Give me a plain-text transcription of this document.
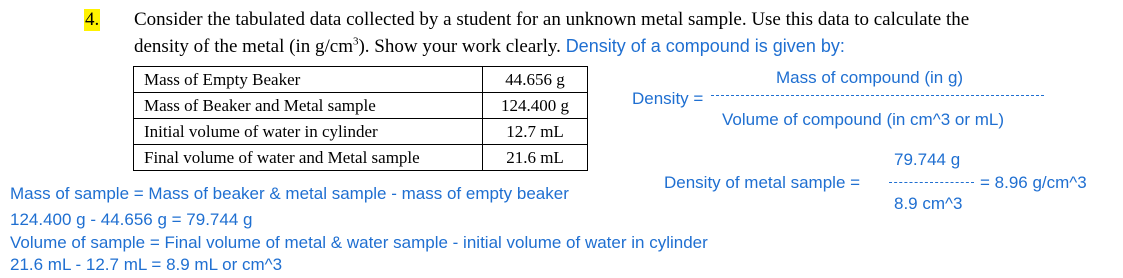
4. Consider the tabulated data collected by a student for an unknown metal sample. Use this data to calculate the
density of the metal (in $g/cm^3$). Show your work clearly. Density of a compound is given by:
Mass of Empty Beaker	44.656 g
Mass of Beaker and Metal sample	124.400 g
Initial volume of water in cylinder	12.7 mL
Final volume of water and Metal sample	21.6 mL
Mass of compound (in g)
Density =
Volume of compound (in cm^3 or mL)
79.744 g
Density of metal sample =	= 8.96 g/cm^3
8.9 cm^3
Mass of sample = Mass of beaker & metal sample - mass of empty beaker
124.400 g - 44.656 g = 79.744 g
Volume of sample = Final volume of metal & water sample - initial volume of water in cylinder
21.6 mL - 12.7 mL = 8.9 mL or cm^3
